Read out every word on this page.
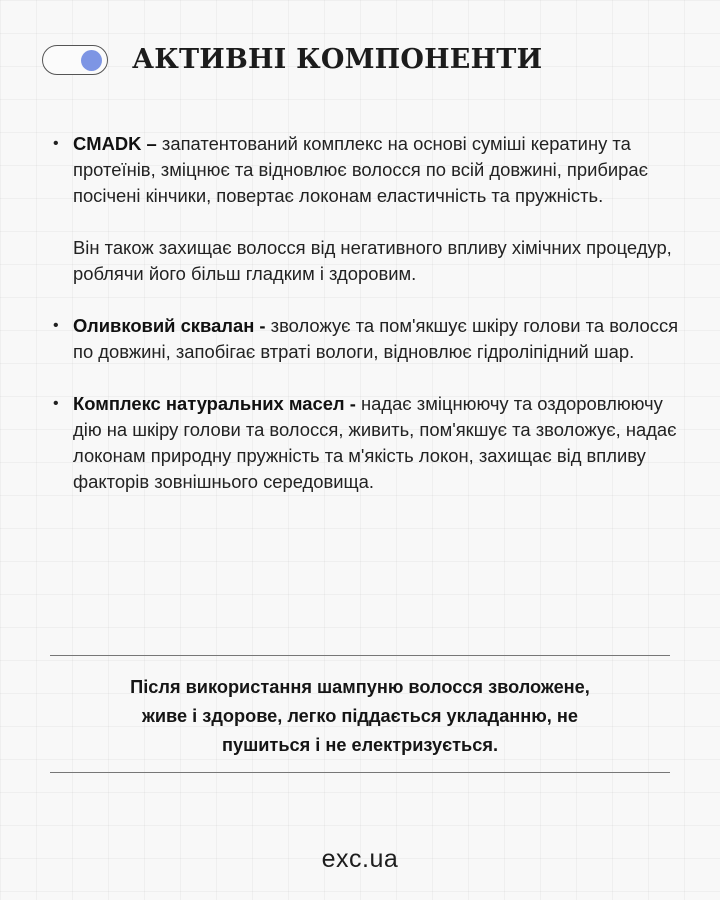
АКТИВНІ КОМПОНЕНТИ
• CMADK – запатентований комплекс на основі суміші кератину та протеїнів, зміцнює та відновлює волосся по всій довжині, прибирає посічені кінчики, повертає локонам еластичність та пружність.

Він також захищає волосся від негативного впливу хімічних процедур, роблячи його більш гладким і здоровим.

• Оливковий сквалан - зволожує та пом'якшує шкіру голови та волосся по довжині, запобігає втраті вологи, відновлює гідроліпідний шар.

• Комплекс натуральних масел - надає зміцнюючу та оздоровлюючу дію на шкіру голови та волосся, живить, пом'якшує та зволожує, надає локонам природну пружність та м'якість локон, захищає від впливу факторів зовнішнього середовища.

Після використання шампуню волосся зволожене,
живе і здорове, легко піддається укладанню, не
пушиться і не електризується.
exc.ua
